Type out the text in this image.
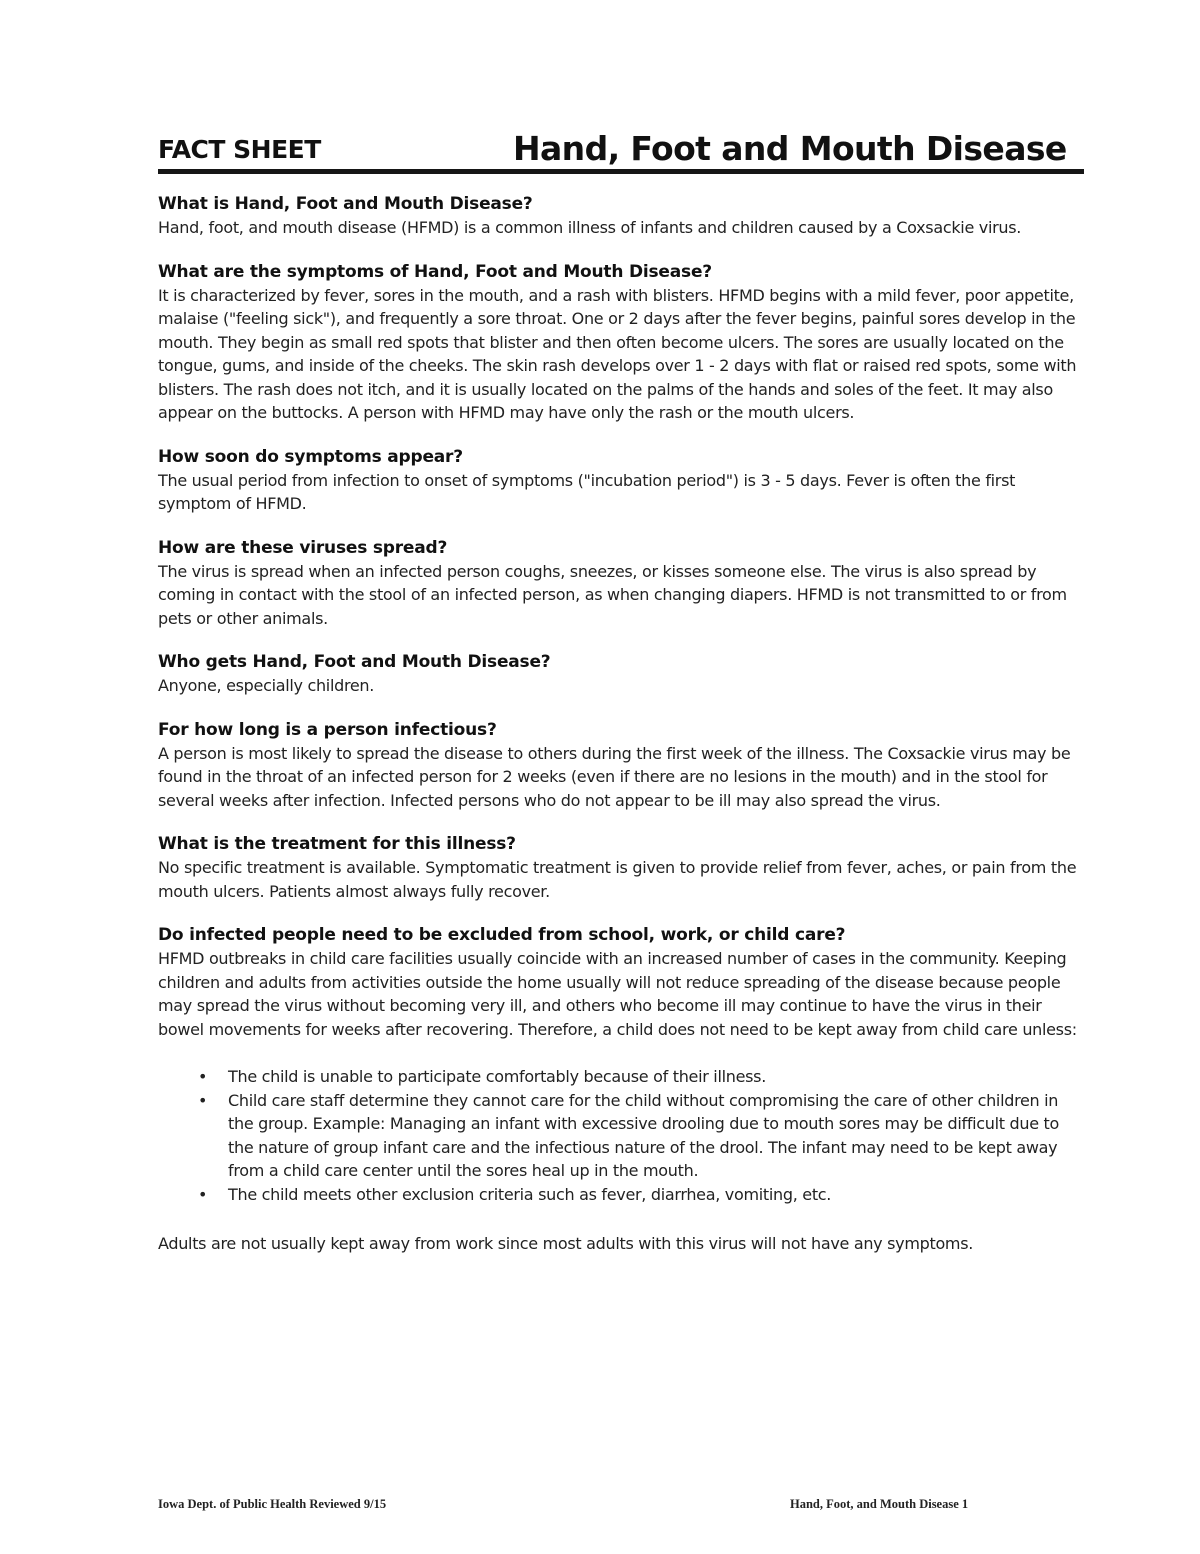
FACT SHEET	Hand, Foot and Mouth Disease
What is Hand, Foot and Mouth Disease?
Hand, foot, and mouth disease (HFMD) is a common illness of infants and children caused by a Coxsackie virus.
What are the symptoms of Hand, Foot and Mouth Disease?
It is characterized by fever, sores in the mouth, and a rash with blisters. HFMD begins with a mild fever, poor appetite, malaise ("feeling sick"), and frequently a sore throat. One or 2 days after the fever begins, painful sores develop in the mouth. They begin as small red spots that blister and then often become ulcers. The sores are usually located on the tongue, gums, and inside of the cheeks. The skin rash develops over 1 - 2 days with flat or raised red spots, some with blisters. The rash does not itch, and it is usually located on the palms of the hands and soles of the feet. It may also appear on the buttocks. A person with HFMD may have only the rash or the mouth ulcers.
How soon do symptoms appear?
The usual period from infection to onset of symptoms ("incubation period") is 3 - 5 days. Fever is often the first symptom of HFMD.
How are these viruses spread?
The virus is spread when an infected person coughs, sneezes, or kisses someone else. The virus is also spread by coming in contact with the stool of an infected person, as when changing diapers. HFMD is not transmitted to or from pets or other animals.
Who gets Hand, Foot and Mouth Disease?
Anyone, especially children.
For how long is a person infectious?
A person is most likely to spread the disease to others during the first week of the illness. The Coxsackie virus may be found in the throat of an infected person for 2 weeks (even if there are no lesions in the mouth) and in the stool for several weeks after infection. Infected persons who do not appear to be ill may also spread the virus.
What is the treatment for this illness?
No specific treatment is available. Symptomatic treatment is given to provide relief from fever, aches, or pain from the mouth ulcers. Patients almost always fully recover.
Do infected people need to be excluded from school, work, or child care?
HFMD outbreaks in child care facilities usually coincide with an increased number of cases in the community. Keeping children and adults from activities outside the home usually will not reduce spreading of the disease because people may spread the virus without becoming very ill, and others who become ill may continue to have the virus in their bowel movements for weeks after recovering. Therefore, a child does not need to be kept away from child care unless:
• The child is unable to participate comfortably because of their illness.
• Child care staff determine they cannot care for the child without compromising the care of other children in the group. Example: Managing an infant with excessive drooling due to mouth sores may be difficult due to the nature of group infant care and the infectious nature of the drool. The infant may need to be kept away from a child care center until the sores heal up in the mouth.
• The child meets other exclusion criteria such as fever, diarrhea, vomiting, etc.
Adults are not usually kept away from work since most adults with this virus will not have any symptoms.
Iowa Dept. of Public Health Reviewed 9/15	Hand, Foot, and Mouth Disease 1
